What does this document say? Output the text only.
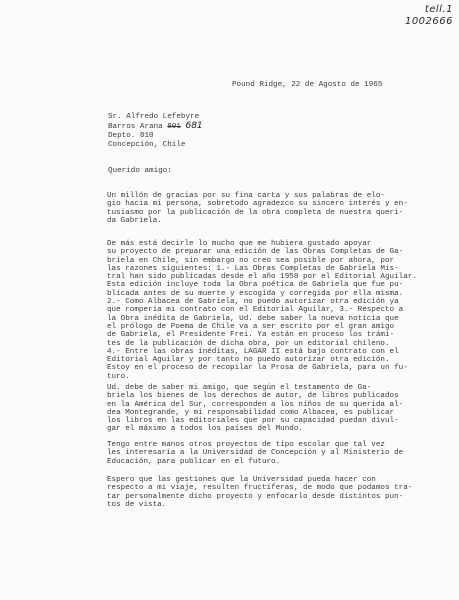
tell.1
1002666
Pound Ridge, 22 de Agosto de 1965
Sr. Alfredo Lefebyre
Barros Arana 801 681
Depto. 810
Concepción, Chile
Querido amigo:
Un millón de gracias por su fina carta y sus palabras de elo-
gio hacia mi persona, sobretodo agradezco su sincero interés y en-
tusiasmo por la publicación de la obra completa de nuestra queri-
da Gabriela.
De más está decirle lo mucho que me hubiera gustado apoyar
su proyecto de preparar una edición de las Obras Completas de Ga-
briela en Chile, sin embargo no creo sea posible por ahora, por
las razones siguientes: 1.- Las Obras Completas de Gabriela Mis-
tral han sido publicadas desde el año 1958 por el Editorial Aguilar.
Esta edición incluye toda la Obra poética de Gabriela que fue pu-
blicada antes de su muerte y escogida y corregida por ella misma.
2.- Como Albacea de Gabriela, no puedo autorizar otra edición ya
que rompería mi contrato con el Editorial Aguilar, 3.- Respecto a
la Obra inédita de Gabriela, Ud. debe saber la nueva noticia que
el prólogo de Poema de Chile va a ser escrito por el gran amigo
de Gabriela, el Presidente Frei. Ya están en proceso los trámi-
tes de la publicación de dicha obra, por un editorial chileno.
4.- Entre las obras inéditas, LAGAR II está bajo contrato con el
Editorial Aguilar y por tanto no puedo autorizar otra edición.
Estoy en el proceso de recopilar la Prosa de Gabriela, para un fu-
turo.
Ud. debe de saber mi amigo, que según el testamento de Ga-
briela los bienes de los derechos de autor, de libros publicados
en la América del Sur, corresponden a los niños de su querida al-
dea Montegrande, y mi responsabilidad como Albacea, es publicar
los libros en las editoriales que por su capacidad puedan divul-
gar el máximo a todos los países del Mundo.
Tengo entre manos otros proyectos de tipo escolar que tal vez
les interesaría a la Universidad de Concepción y al Ministerio de
Educación, para publicar en el futuro.
Espero que las gestiones que la Universidad pueda hacer con
respecto a mi viaje, resulten fructíferas, de modo que podamos tra-
tar personalmente dicho proyecto y enfocarlo desde distintos pun-
tos de vista.
